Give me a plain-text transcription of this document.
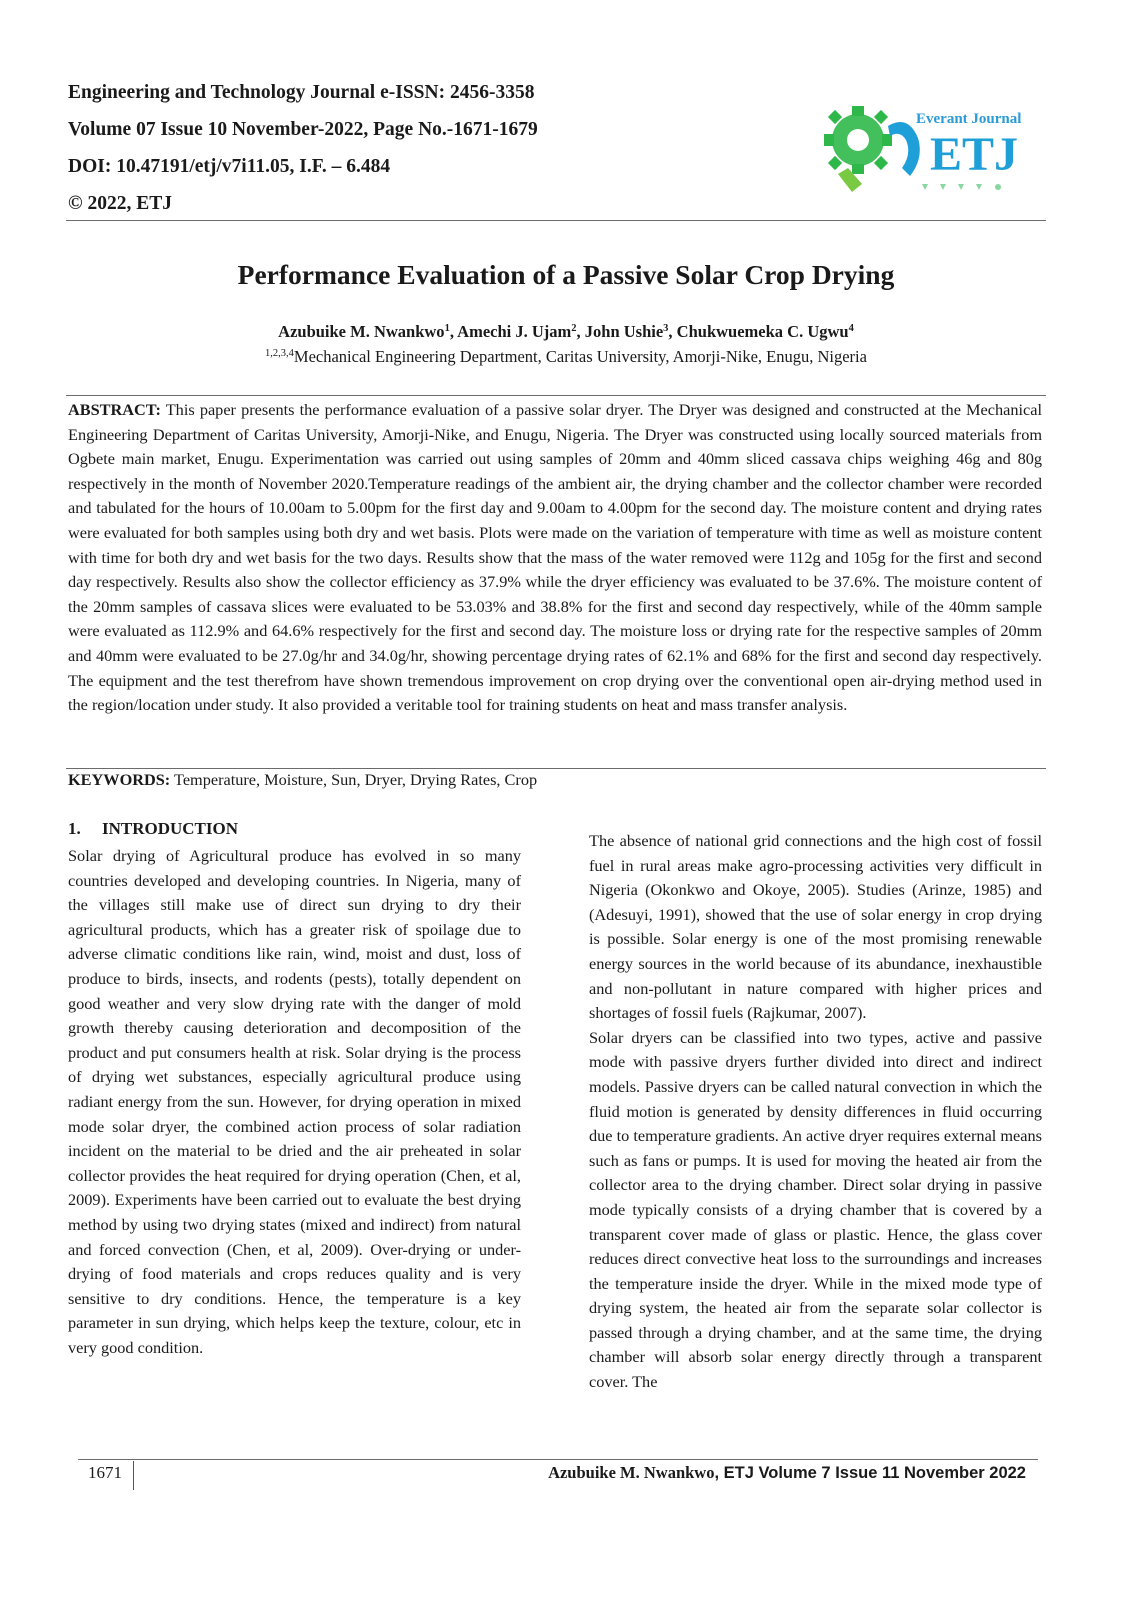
Engineering and Technology Journal e-ISSN: 2456-3358
Volume 07 Issue 10 November-2022, Page No.-1671-1679
DOI: 10.47191/etj/v7i11.05, I.F. – 6.484
© 2022, ETJ
Everant Journal
ETJ
Performance Evaluation of a Passive Solar Crop Drying
Azubuike M. Nwankwo$^1$, Amechi J. Ujam$^2$, John Ushie$^3$, Chukwuemeka C. Ugwu$^4$
$^{1,2,3,4}$Mechanical Engineering Department, Caritas University, Amorji-Nike, Enugu, Nigeria
ABSTRACT: This paper presents the performance evaluation of a passive solar dryer. The Dryer was designed and constructed at the Mechanical Engineering Department of Caritas University, Amorji-Nike, and Enugu, Nigeria. The Dryer was constructed using locally sourced materials from Ogbete main market, Enugu. Experimentation was carried out using samples of 20mm and 40mm sliced cassava chips weighing 46g and 80g respectively in the month of November 2020.Temperature readings of the ambient air, the drying chamber and the collector chamber were recorded and tabulated for the hours of 10.00am to 5.00pm for the first day and 9.00am to 4.00pm for the second day. The moisture content and drying rates were evaluated for both samples using both dry and wet basis. Plots were made on the variation of temperature with time as well as moisture content with time for both dry and wet basis for the two days. Results show that the mass of the water removed were 112g and 105g for the first and second day respectively. Results also show the collector efficiency as 37.9% while the dryer efficiency was evaluated to be 37.6%. The moisture content of the 20mm samples of cassava slices were evaluated to be 53.03% and 38.8% for the first and second day respectively, while of the 40mm sample were evaluated as 112.9% and 64.6% respectively for the first and second day. The moisture loss or drying rate for the respective samples of 20mm and 40mm were evaluated to be 27.0g/hr and 34.0g/hr, showing percentage drying rates of 62.1% and 68% for the first and second day respectively. The equipment and the test therefrom have shown tremendous improvement on crop drying over the conventional open air-drying method used in the region/location under study. It also provided a veritable tool for training students on heat and mass transfer analysis.
KEYWORDS: Temperature, Moisture, Sun, Dryer, Drying Rates, Crop
1. INTRODUCTION

Solar drying of Agricultural produce has evolved in so many countries developed and developing countries. In Nigeria, many of the villages still make use of direct sun drying to dry their agricultural products, which has a greater risk of spoilage due to adverse climatic conditions like rain, wind, moist and dust, loss of produce to birds, insects, and rodents (pests), totally dependent on good weather and very slow drying rate with the danger of mold growth thereby causing deterioration and decomposition of the product and put consumers health at risk. Solar drying is the process of drying wet substances, especially agricultural produce using radiant energy from the sun. However, for drying operation in mixed mode solar dryer, the combined action process of solar radiation incident on the material to be dried and the air preheated in solar collector provides the heat required for drying operation (Chen, et al, 2009). Experiments have been carried out to evaluate the best drying method by using two drying states (mixed and indirect) from natural and forced convection (Chen, et al, 2009). Over-drying or under-drying of food materials and crops reduces quality and is very sensitive to dry conditions. Hence, the temperature is a key parameter in sun drying, which helps keep the texture, colour, etc in very good condition.

The absence of national grid connections and the high cost of fossil fuel in rural areas make agro-processing activities very difficult in Nigeria (Okonkwo and Okoye, 2005). Studies (Arinze, 1985) and (Adesuyi, 1991), showed that the use of solar energy in crop drying is possible. Solar energy is one of the most promising renewable energy sources in the world because of its abundance, inexhaustible and non-pollutant in nature compared with higher prices and shortages of fossil fuels (Rajkumar, 2007).

Solar dryers can be classified into two types, active and passive mode with passive dryers further divided into direct and indirect models. Passive dryers can be called natural convection in which the fluid motion is generated by density differences in fluid occurring due to temperature gradients. An active dryer requires external means such as fans or pumps. It is used for moving the heated air from the collector area to the drying chamber. Direct solar drying in passive mode typically consists of a drying chamber that is covered by a transparent cover made of glass or plastic. Hence, the glass cover reduces direct convective heat loss to the surroundings and increases the temperature inside the dryer. While in the mixed mode type of drying system, the heated air from the separate solar collector is passed through a drying chamber, and at the same time, the drying chamber will absorb solar energy directly through a transparent cover. The

1671	Azubuike M. Nwankwo, ETJ Volume 7 Issue 11 November 2022
